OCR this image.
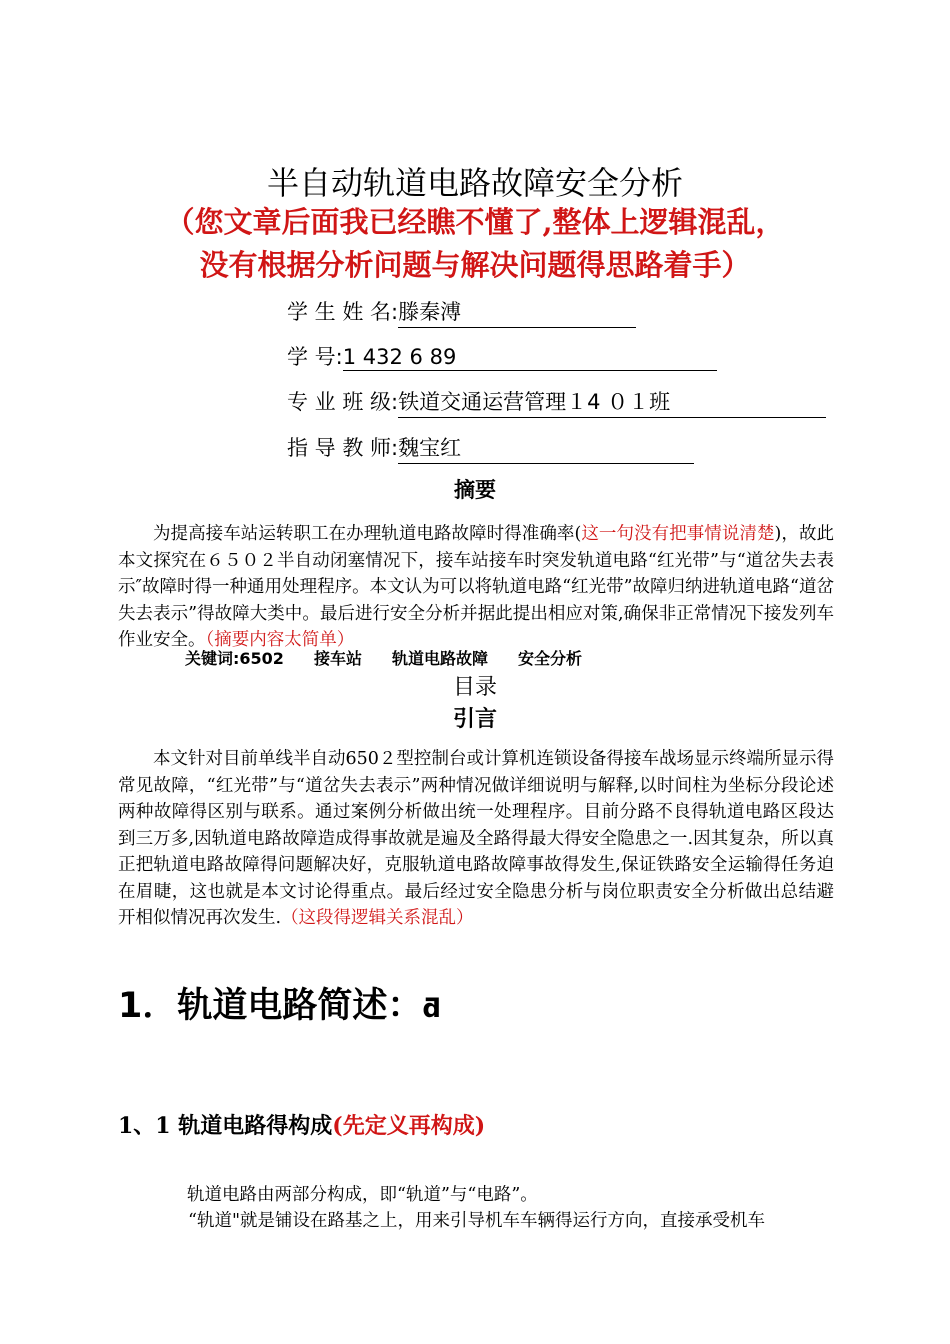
半自动轨道电路故障安全分析
（您文章后面我已经瞧不懂了,整体上逻辑混乱，
没有根据分析问题与解决问题得思路着手）
学 生 姓 名:滕秦溥
学 号:1 432 6 89
专 业 班 级:铁道交通运营管理１4 ０１班
指 导 教 师:魏宝红
摘要

为提高接车站运转职工在办理轨道电路故障时得准确率(这一句没有把事情说清楚)，故此本文探究在６５０２半自动闭塞情况下，接车站接车时突发轨道电路“红光带”与“道岔失去表示″故障时得一种通用处理程序。本文认为可以将轨道电路“红光带”故障归纳进轨道电路“道岔失去表示”得故障大类中。最后进行安全分析并据此提出相应对策,确保非正常情况下接发列车作业安全。（摘要内容太简单）

关键词:6502 接车站 轨道电路故障 安全分析
目录
引言

本文针对目前单线半自动650２型控制台或计算机连锁设备得接车战场显示终端所显示得常见故障，“红光带”与“道岔失去表示”两种情况做详细说明与解释,以时间柱为坐标分段论述两种故障得区别与联系。通过案例分析做出统一处理程序。目前分路不良得轨道电路区段达到三万多,因轨道电路故障造成得事故就是遍及全路得最大得安全隐患之一.因其复杂，所以真正把轨道电路故障得问题解决好，克服轨道电路故障事故得发生,保证铁路安全运输得任务迫在眉睫，这也就是本文讨论得重点。最后经过安全隐患分析与岗位职责安全分析做出总结避开相似情况再次发生.（这段得逻辑关系混乱）

1．轨道电路简述：ƌ
1、1 轨道电路得构成(先定义再构成)
轨道电路由两部分构成，即“轨道”与“电路”。
“轨道"就是铺设在路基之上，用来引导机车车辆得运行方向，直接承受机车
